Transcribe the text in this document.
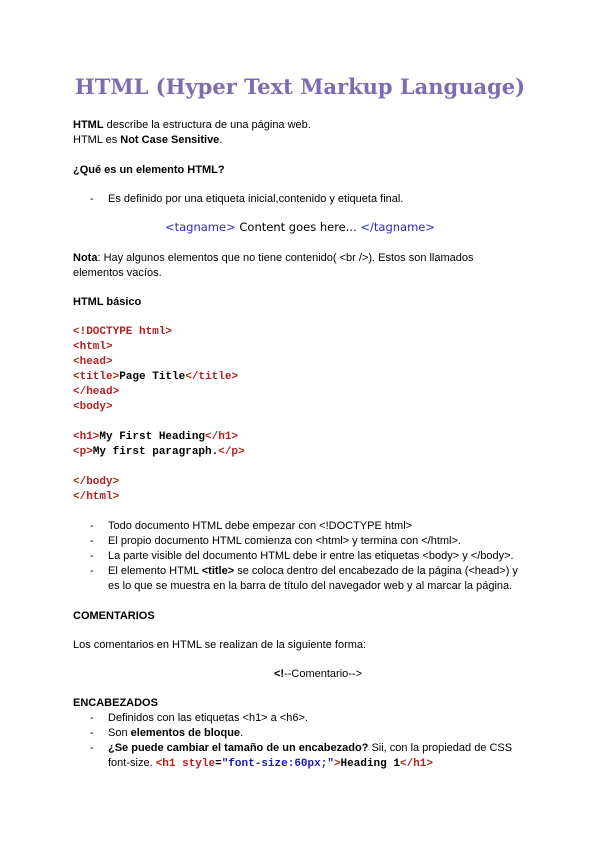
HTML (Hyper Text Markup Language)
HTML describe la estructura de una página web.
HTML es Not Case Sensitive.
¿Qué es un elemento HTML?
- Es definido por una etiqueta inicial,contenido y etiqueta final.
<tagname> Content goes here... </tagname>
Nota: Hay algunos elementos que no tiene contenido( <br />). Estos son llamados
elementos vacíos.
HTML básico
<!DOCTYPE html>
<html>
<head>
<title>Page Title</title>
</head>
<body>
<h1>My First Heading</h1>
<p>My first paragraph.</p>
</body>
</html>
- Todo documento HTML debe empezar con <!DOCTYPE html>
- El propio documento HTML comienza con <html> y termina con </html>.
- La parte visible del documento HTML debe ir entre las etiquetas <body> y </body>.
- El elemento HTML <title> se coloca dentro del encabezado de la página (<head>) y
es lo que se muestra en la barra de título del navegador web y al marcar la página.
COMENTARIOS
Los comentarios en HTML se realizan de la siguiente forma:
<!--Comentario-->
ENCABEZADOS
- Definidos con las etiquetas <h1> a <h6>.
- Son elementos de bloque.
- ¿Se puede cambiar el tamaño de un encabezado? Sii, con la propiedad de CSS
font-size. <h1 style="font-size:60px;">Heading 1</h1>
